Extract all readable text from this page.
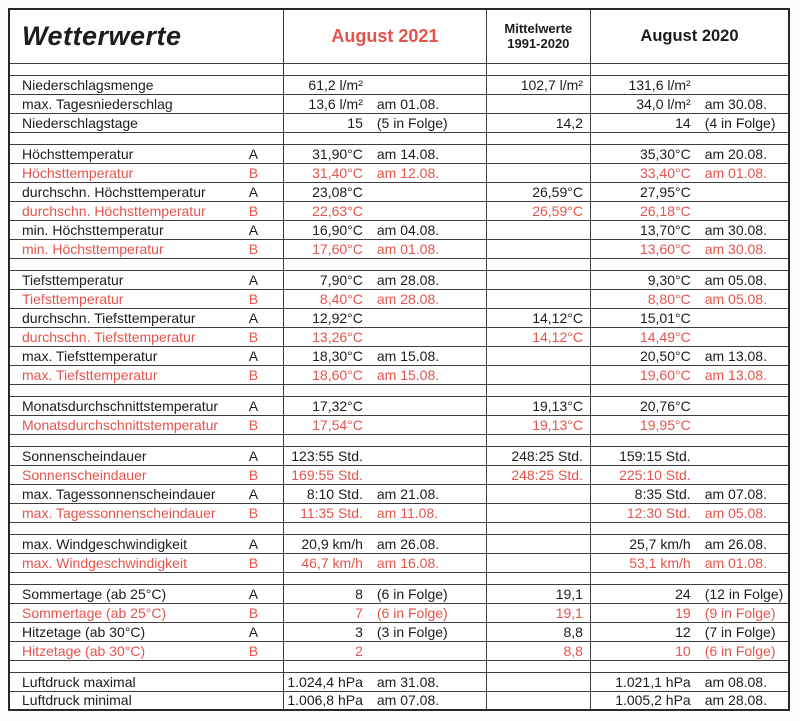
Wetterwerte		August 2021		Mittelwerte
1991-2020	August 2020	

Niederschlagsmenge		61,2 l/m²		102,7 l/m²	131,6 l/m²	
max. Tagesniederschlag		13,6 l/m²	am 01.08.		34,0 l/m²	am 30.08.
Niederschlagstage		15	(5 in Folge)	14,2	14	(4 in Folge)

Höchsttemperatur	A	31,90°C	am 14.08.		35,30°C	am 20.08.
Höchsttemperatur	B	31,40°C	am 12.08.		33,40°C	am 01.08.
durchschn. Höchsttemperatur	A	23,08°C		26,59°C	27,95°C	
durchschn. Höchsttemperatur	B	22,63°C		26,59°C	26,18°C	
min. Höchsttemperatur	A	16,90°C	am 04.08.		13,70°C	am 30.08.
min. Höchsttemperatur	B	17,60°C	am 01.08.		13,60°C	am 30.08.

Tiefsttemperatur	A	7,90°C	am 28.08.		9,30°C	am 05.08.
Tiefsttemperatur	B	8,40°C	am 28.08.		8,80°C	am 05.08.
durchschn. Tiefsttemperatur	A	12,92°C		14,12°C	15,01°C	
durchschn. Tiefsttemperatur	B	13,26°C		14,12°C	14,49°C	
max. Tiefsttemperatur	A	18,30°C	am 15.08.		20,50°C	am 13.08.
max. Tiefsttemperatur	B	18,60°C	am 15.08.		19,60°C	am 13.08.

Monatsdurchschnittstemperatur	A	17,32°C		19,13°C	20,76°C	
Monatsdurchschnittstemperatur	B	17,54°C		19,13°C	19,95°C	

Sonnenscheindauer	A	123:55 Std.		248:25 Std.	159:15 Std.	
Sonnenscheindauer	B	169:55 Std.		248:25 Std.	225:10 Std.	
max. Tagessonnenscheindauer	A	8:10 Std.	am 21.08.		8:35 Std.	am 07.08.
max. Tagessonnenscheindauer	B	11:35 Std.	am 11.08.		12:30 Std.	am 05.08.

max. Windgeschwindigkeit	A	20,9 km/h	am 26.08.		25,7 km/h	am 26.08.
max. Windgeschwindigkeit	B	46,7 km/h	am 16.08.		53,1 km/h	am 01.08.

Sommertage (ab 25°C)	A	8	(6 in Folge)	19,1	24	(12 in Folge)
Sommertage (ab 25°C)	B	7	(6 in Folge)	19,1	19	(9 in Folge)
Hitzetage (ab 30°C)	A	3	(3 in Folge)	8,8	12	(7 in Folge)
Hitzetage (ab 30°C)	B	2		8,8	10	(6 in Folge)

Luftdruck maximal		1.024,4 hPa	am 31.08.		1.021,1 hPa	am 08.08.
Luftdruck minimal		1.006,8 hPa	am 07.08.		1.005,2 hPa	am 28.08.
